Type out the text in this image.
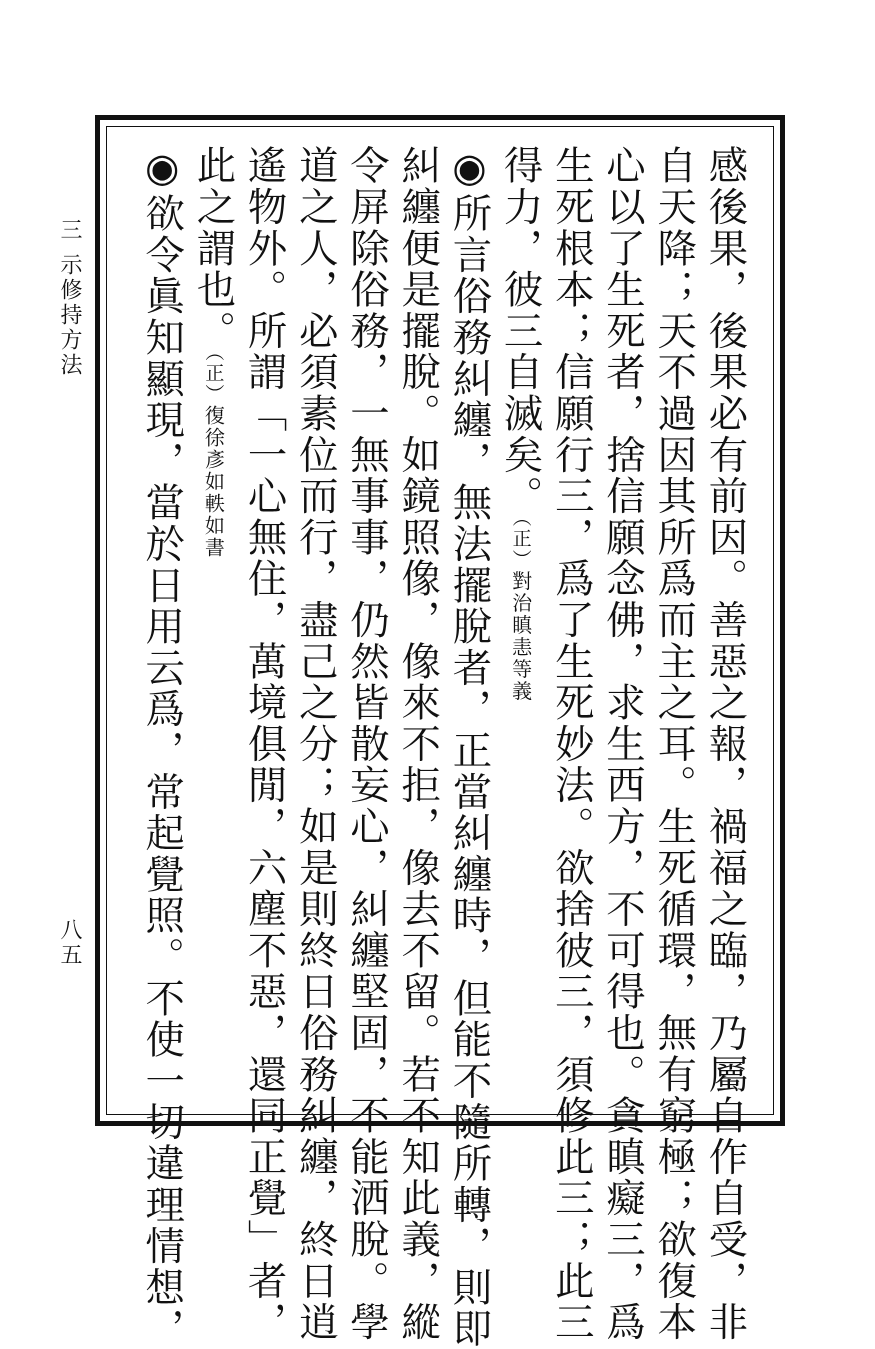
三 示修持方法
八五	感後果，後果必有前因。善惡之報，禍福之臨，乃屬自作自受，非
自天降；天不過因其所爲而主之耳。生死循環，無有窮極；欲復本
心以了生死者，捨信願念佛，求生西方，不可得也。貪瞋癡三，爲
生死根本；信願行三，爲了生死妙法。欲捨彼三，須修此三；此三
得力，彼三自滅矣。（正）對治瞋恚等義
◉所言俗務糾纏，無法擺脫者，正當糾纏時，但能不隨所轉，則即
糾纏便是擺脫。如鏡照像，像來不拒，像去不留。若不知此義，縱
令屏除俗務，一無事事，仍然皆散妄心，糾纏堅固，不能洒脫。學
道之人，必須素位而行，盡己之分；如是則終日俗務糾纏，終日逍
遙物外。所謂「一心無住，萬境俱閒，六塵不惡，還同正覺」者，
此之謂也。（正）復徐彥如軼如書
◉欲令眞知顯現，當於日用云爲，常起覺照。不使一切違理情想，
